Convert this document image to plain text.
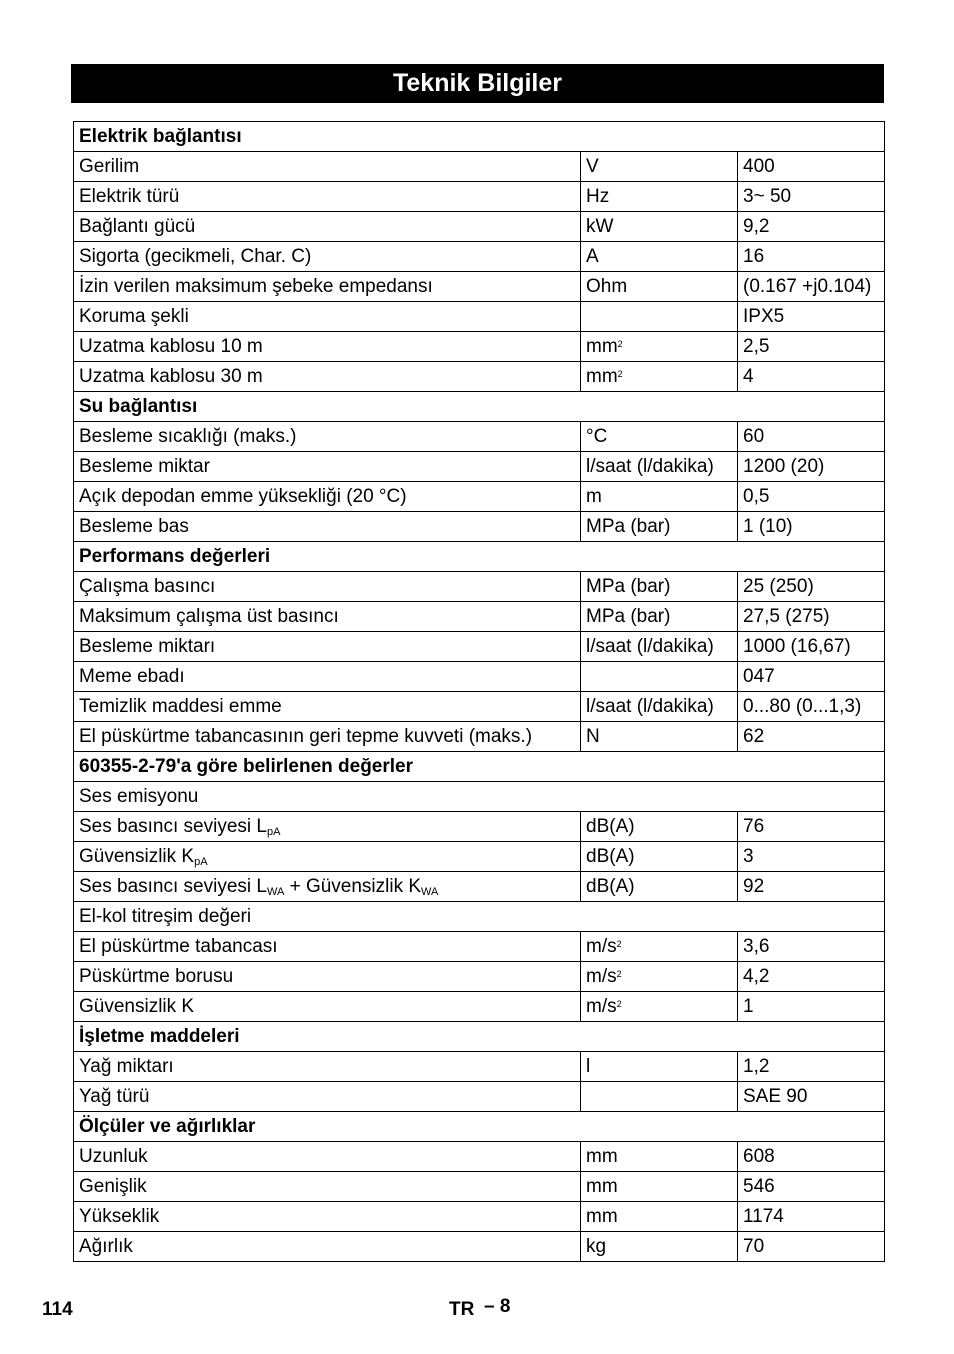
Teknik Bilgiler
Elektrik bağlantısı		
Gerilim	V	400
Elektrik türü	Hz	3~ 50
Bağlantı gücü	kW	9,2
Sigorta (gecikmeli, Char. C)	A	16
İzin verilen maksimum şebeke empedansı	Ohm	(0.167 +j0.104)
Koruma şekli		IPX5
Uzatma kablosu 10 m	$mm^2$	2,5
Uzatma kablosu 30 m	$mm^2$	4
Su bağlantısı		
Besleme sıcaklığı (maks.)	°C	60
Besleme miktar	l/saat (l/dakika)	1200 (20)
Açık depodan emme yüksekliği (20 °C)	m	0,5
Besleme bas	MPa (bar)	1 (10)
Performans değerleri		
Çalışma basıncı	MPa (bar)	25 (250)
Maksimum çalışma üst basıncı	MPa (bar)	27,5 (275)
Besleme miktarı	l/saat (l/dakika)	1000 (16,67)
Meme ebadı		047
Temizlik maddesi emme	l/saat (l/dakika)	0...80 (0...1,3)
El püskürtme tabancasının geri tepme kuvveti (maks.)	N	62
60355-2-79'a göre belirlenen değerler		
Ses emisyonu		
Ses basıncı seviyesi $L_{pA}$	dB(A)	76
Güvensizlik $K_{pA}$	dB(A)	3
Ses basıncı seviyesi $L_{WA}$ + Güvensizlik $K_{WA}$	dB(A)	92
El-kol titreşim değeri		
El püskürtme tabancası	$m/s^2$	3,6
Püskürtme borusu	$m/s^2$	4,2
Güvensizlik K	$m/s^2$	1
İşletme maddeleri		
Yağ miktarı	l	1,2
Yağ türü		SAE 90
Ölçüler ve ağırlıklar		
Uzunluk	mm	608
Genişlik	mm	546
Yükseklik	mm	1174
Ağırlık	kg	70
114	TR – 8
